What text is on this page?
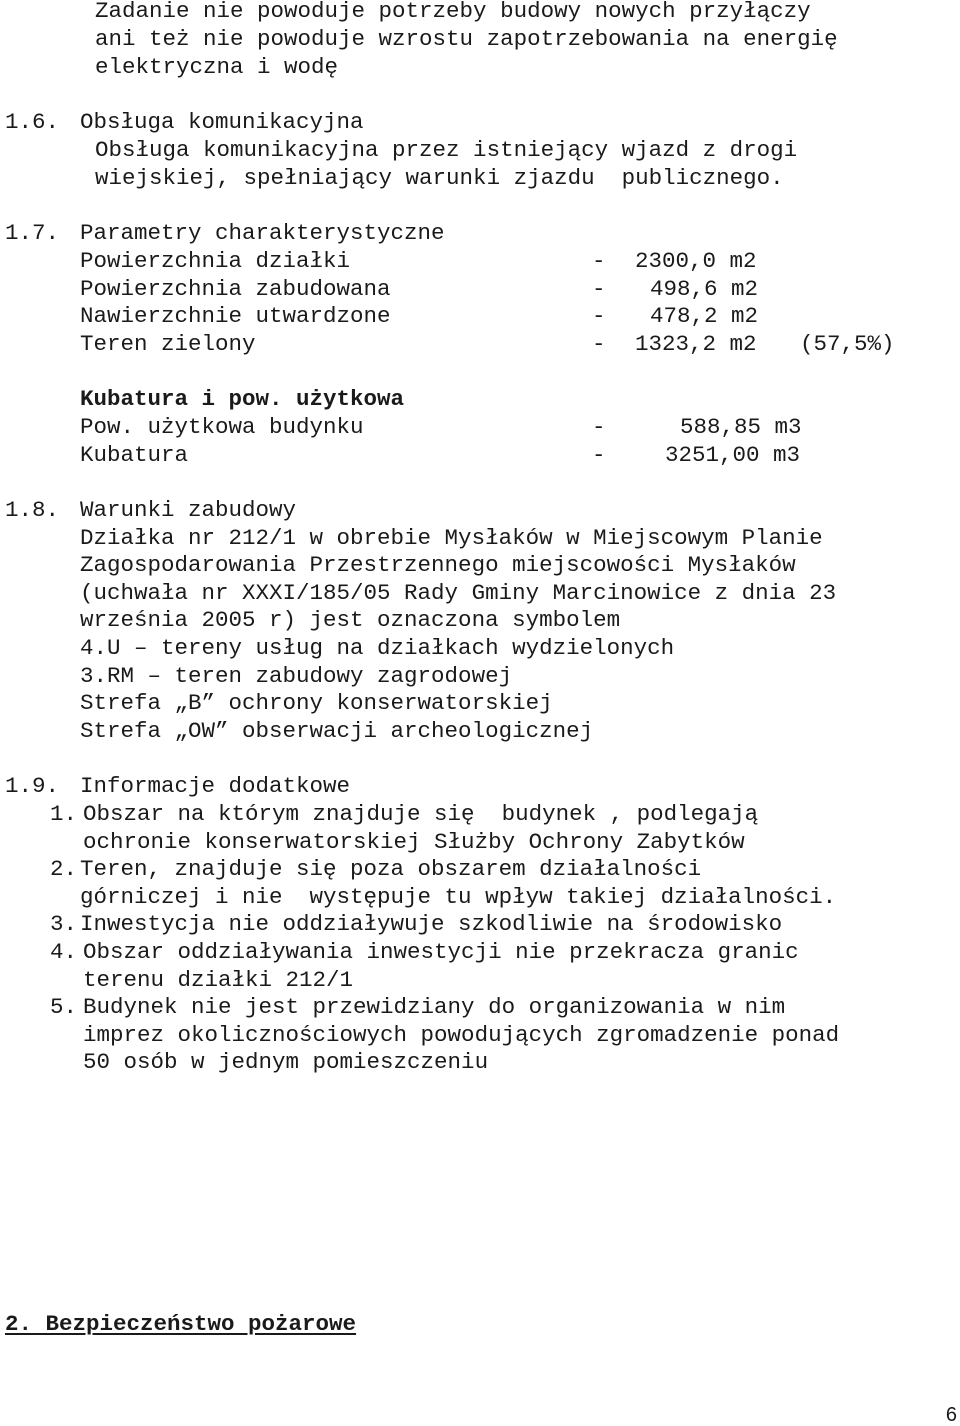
Zadanie nie powoduje potrzeby budowy nowych przyłączy
ani też nie powoduje wzrostu zapotrzebowania na energię
elektryczna i wodę
1.6. Obsługa komunikacyjna
Obsługa komunikacyjna przez istniejący wjazd z drogi
wiejskiej, spełniający warunki zjazdu  publicznego.
1.7. Parametry charakterystyczne
Powierzchnia działki	- 2300,0 m2
Powierzchnia zabudowana	- 498,6 m2
Nawierzchnie utwardzone	- 478,2 m2
Teren zielony	- 1323,2 m2 (57,5%)
Kubatura i pow. użytkowa
Pow. użytkowa budynku	-	588,85 m3
Kubatura	-	3251,00 m3
1.8. Warunki zabudowy
Działka nr 212/1 w obrebie Mysłaków w Miejscowym Planie
Zagospodarowania Przestrzennego miejscowości Mysłaków
(uchwała nr XXXI/185/05 Rady Gminy Marcinowice z dnia 23
września 2005 r) jest oznaczona symbolem
4.U – tereny usług na działkach wydzielonych
3.RM – teren zabudowy zagrodowej
Strefa „B” ochrony konserwatorskiej
Strefa „OW” obserwacji archeologicznej
1.9. Informacje dodatkowe
1. Obszar na którym znajduje się  budynek , podlegają
ochronie konserwatorskiej Służby Ochrony Zabytków
2. Teren, znajduje się poza obszarem działalności
górniczej i nie  występuje tu wpływ takiej działalności.
3. Inwestycja nie oddziaływuje szkodliwie na środowisko
4. Obszar oddziaływania inwestycji nie przekracza granic
terenu działki 212/1
5. Budynek nie jest przewidziany do organizowania w nim
imprez okolicznościowych powodujących zgromadzenie ponad
50 osób w jednym pomieszczeniu
2. Bezpieczeństwo pożarowe
6
